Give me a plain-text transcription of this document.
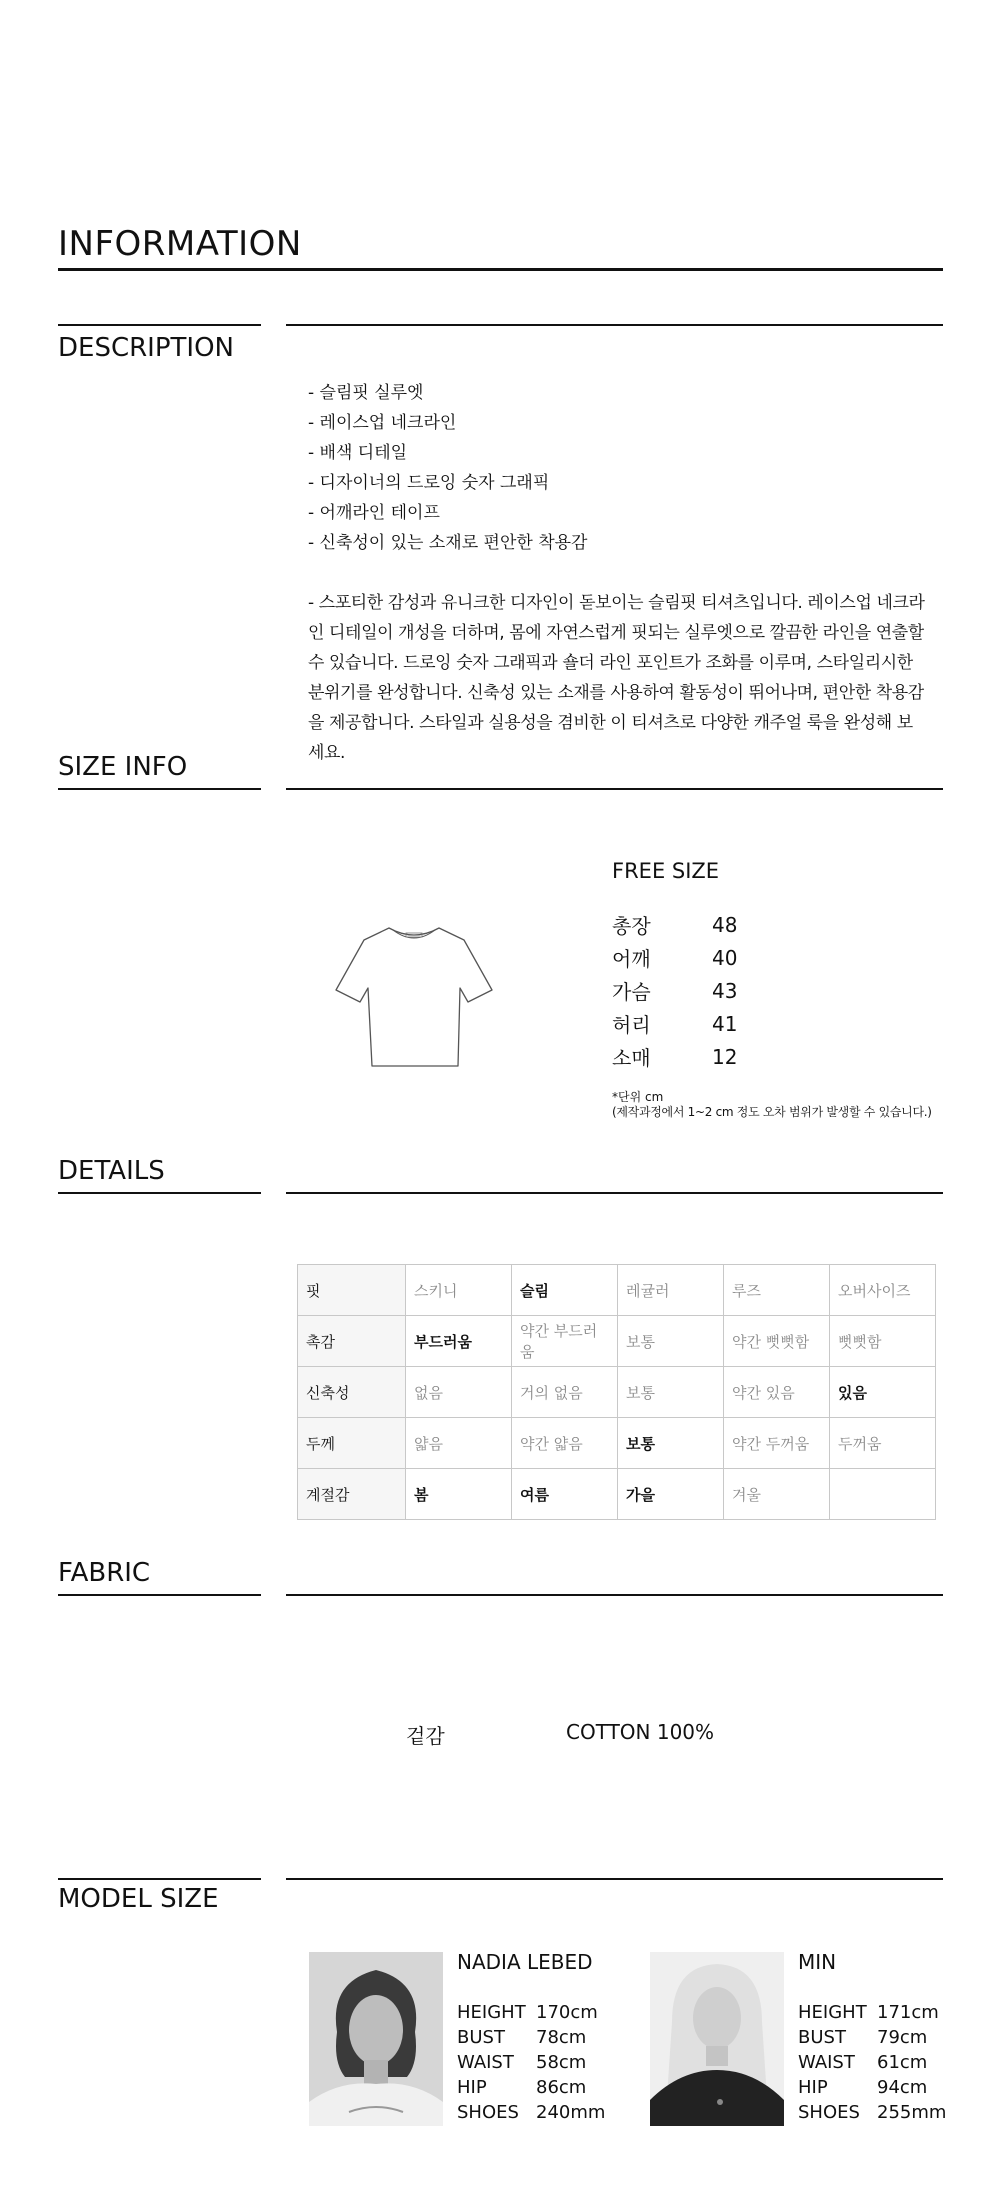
INFORMATION
DESCRIPTION
- 슬림핏 실루엣
- 레이스업 네크라인
- 배색 디테일
- 디자이너의 드로잉 숫자 그래픽
- 어깨라인 테이프
- 신축성이 있는 소재로 편안한 착용감

- 스포티한 감성과 유니크한 디자인이 돋보이는 슬림핏 티셔츠입니다. 레이스업 네크라인 디테일이 개성을 더하며, 몸에 자연스럽게 핏되는 실루엣으로 깔끔한 라인을 연출할 수 있습니다. 드로잉 숫자 그래픽과 숄더 라인 포인트가 조화를 이루며, 스타일리시한 분위기를 완성합니다. 신축성 있는 소재를 사용하여 활동성이 뛰어나며, 편안한 착용감을 제공합니다. 스타일과 실용성을 겸비한 이 티셔츠로 다양한 캐주얼 룩을 완성해 보세요.

SIZE INFO
FREE SIZE
총장	48
어깨	40
가슴	43
허리	41
소매	12
*단위 cm
(제작과정에서 1~2 cm 정도 오차 범위가 발생할 수 있습니다.)
DETAILS
핏	스키니	슬림	레귤러	루즈	오버사이즈
촉감	부드러움	약간 부드러움	보통	약간 뻣뻣함	뻣뻣함
신축성	없음	거의 없음	보통	약간 있음	있음
두께	얇음	약간 얇음	보통	약간 두꺼움	두꺼움
계절감	봄	여름	가을	겨울	
FABRIC
겉감	COTTON 100%
MODEL SIZE
NADIA LEBED
HEIGHT 170cm
BUST	78cm
WAIST	58cm
HIP	86cm
SHOES 240mm
MIN
HEIGHT 171cm
BUST	79cm
WAIST	61cm
HIP	94cm
SHOES 255mm
